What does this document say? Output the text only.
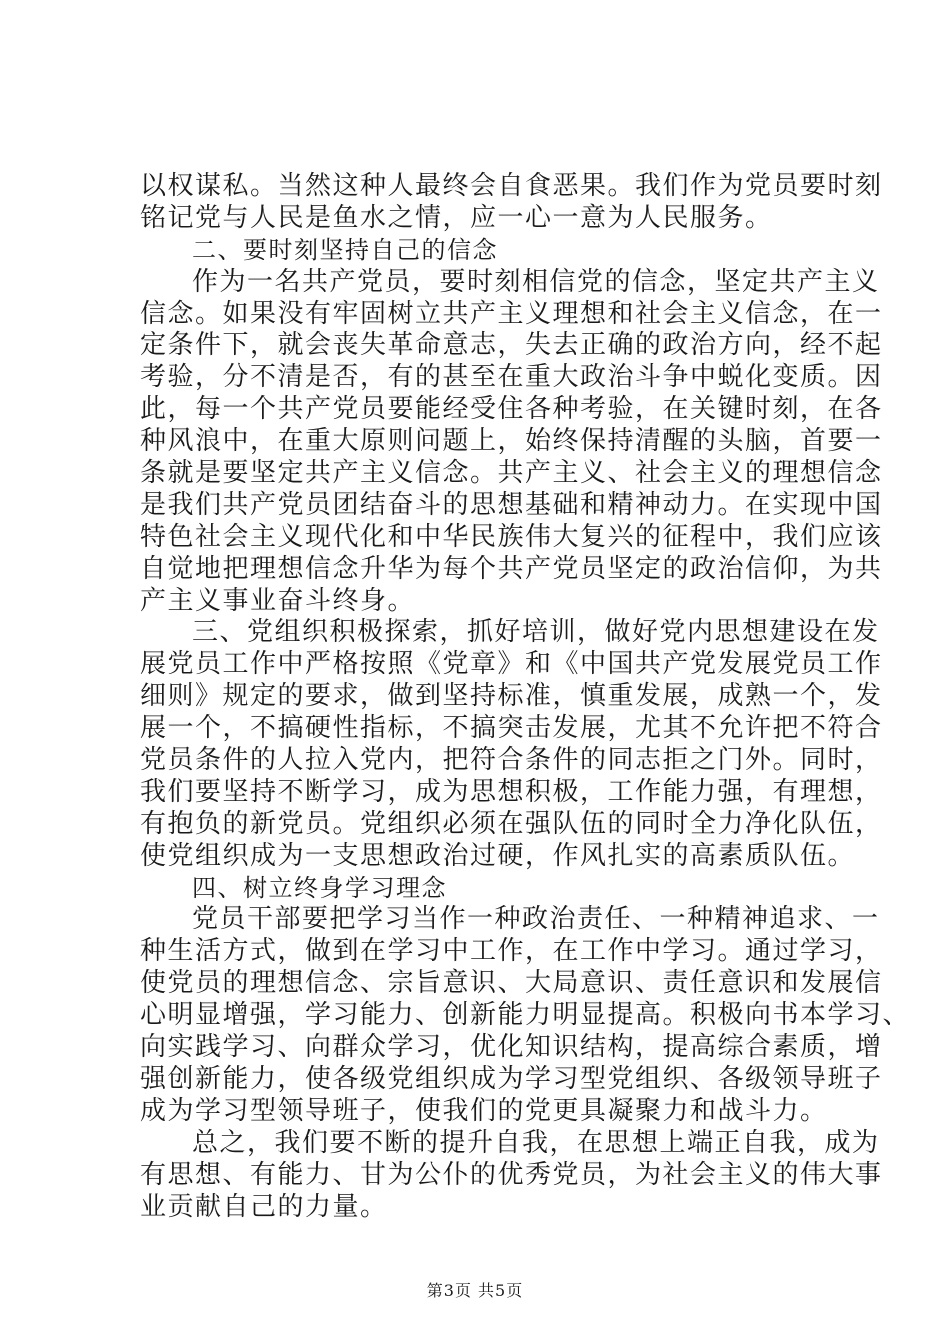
以权谋私。当然这种人最终会自食恶果。我们作为党员要时刻
铭记党与人民是鱼水之情，应一心一意为人民服务。
二、要时刻坚持自己的信念
作为一名共产党员，要时刻相信党的信念，坚定共产主义
信念。如果没有牢固树立共产主义理想和社会主义信念，在一
定条件下，就会丧失革命意志，失去正确的政治方向，经不起
考验，分不清是否，有的甚至在重大政治斗争中蜕化变质。因
此，每一个共产党员要能经受住各种考验，在关键时刻，在各
种风浪中，在重大原则问题上，始终保持清醒的头脑，首要一
条就是要坚定共产主义信念。共产主义、社会主义的理想信念
是我们共产党员团结奋斗的思想基础和精神动力。在实现中国
特色社会主义现代化和中华民族伟大复兴的征程中，我们应该
自觉地把理想信念升华为每个共产党员坚定的政治信仰，为共
产主义事业奋斗终身。
三、党组织积极探索，抓好培训，做好党内思想建设在发
展党员工作中严格按照《党章》和《中国共产党发展党员工作
细则》规定的要求，做到坚持标准，慎重发展，成熟一个，发
展一个，不搞硬性指标，不搞突击发展，尤其不允许把不符合
党员条件的人拉入党内，把符合条件的同志拒之门外。同时，
我们要坚持不断学习，成为思想积极，工作能力强，有理想，
有抱负的新党员。党组织必须在强队伍的同时全力净化队伍，
使党组织成为一支思想政治过硬，作风扎实的高素质队伍。
四、树立终身学习理念
党员干部要把学习当作一种政治责任、一种精神追求、一
种生活方式，做到在学习中工作，在工作中学习。通过学习，
使党员的理想信念、宗旨意识、大局意识、责任意识和发展信
心明显增强，学习能力、创新能力明显提高。积极向书本学习、
向实践学习、向群众学习，优化知识结构，提高综合素质，增
强创新能力，使各级党组织成为学习型党组织、各级领导班子
成为学习型领导班子，使我们的党更具凝聚力和战斗力。
总之，我们要不断的提升自我，在思想上端正自我，成为
有思想、有能力、甘为公仆的优秀党员，为社会主义的伟大事
业贡献自己的力量。
第3页 共5页
